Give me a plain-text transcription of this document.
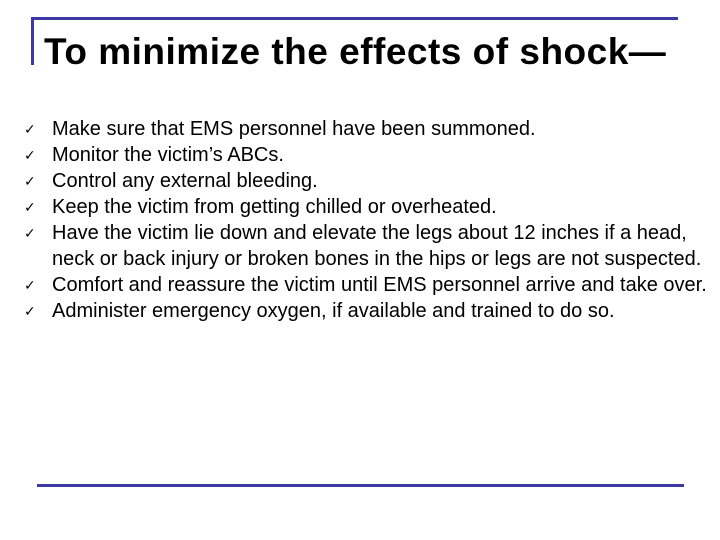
To minimize the effects of shock—
✓ Make sure that EMS personnel have been summoned.
✓ Monitor the victim’s ABCs.
✓ Control any external bleeding.
✓ Keep the victim from getting chilled or overheated.
✓ Have the victim lie down and elevate the legs about 12 inches if a head, neck or back injury or broken bones in the hips or legs are not suspected.
✓ Comfort and reassure the victim until EMS personnel arrive and take over.
✓ Administer emergency oxygen, if available and trained to do so.
